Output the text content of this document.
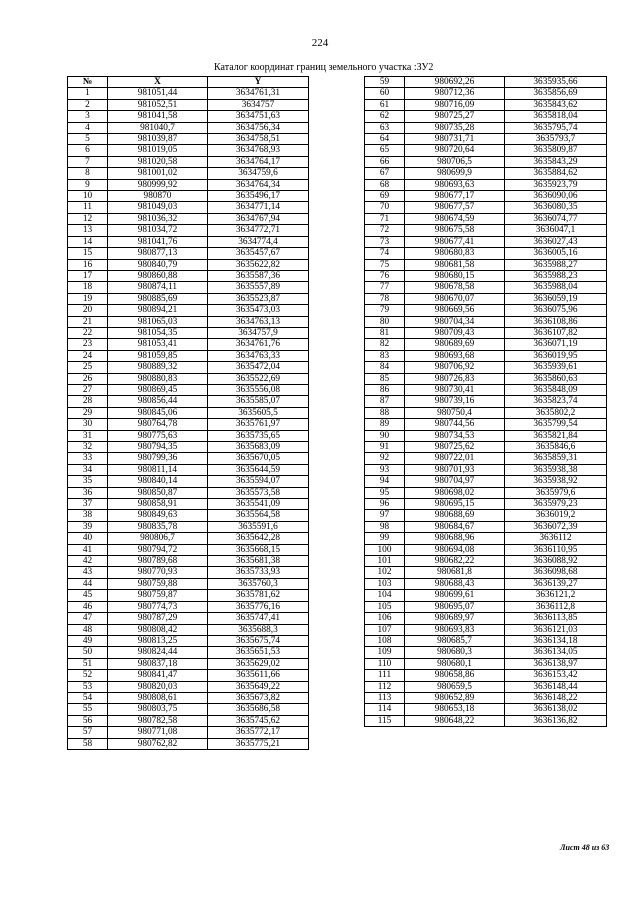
224
Каталог координат границ земельного участка :ЗУ2
№	X	Y
1	981051,44	3634761,31
2	981052,51	3634757
3	981041,58	3634751,63
4	981040,7	3634756,34
5	981039,87	3634758,51
6	981019,05	3634768,93
7	981020,58	3634764,17
8	981001,02	3634759,6
9	980999,92	3634764,34
10	980870	3635496,17
11	981049,03	3634771,14
12	981036,32	3634767,94
13	981034,72	3634772,71
14	981041,76	3634774,4
15	980877,13	3635457,67
16	980840,79	3635622,82
17	980860,88	3635587,36
18	980874,11	3635557,89
19	980885,69	3635523,87
20	980894,21	3635473,03
21	981065,03	3634763,13
22	981054,35	3634757,9
23	981053,41	3634761,76
24	981059,85	3634763,33
25	980889,32	3635472,04
26	980880,83	3635522,69
27	980869,45	3635556,08
28	980856,44	3635585,07
29	980845,06	3635605,5
30	980764,78	3635761,97
31	980775,63	3635735,65
32	980794,35	3635683,09
33	980799,36	3635670,05
34	980811,14	3635644,59
35	980840,14	3635594,07
36	980850,87	3635573,58
37	980858,91	3635541,09
38	980849,63	3635564,58
39	980835,78	3635591,6
40	980806,7	3635642,28
41	980794,72	3635668,15
42	980789,68	3635681,38
43	980770,93	3635733,93
44	980759,88	3635760,3
45	980759,87	3635781,62
46	980774,73	3635776,16
47	980787,29	3635747,41
48	980808,42	3635688,3
49	980813,25	3635675,74
50	980824,44	3635651,53
51	980837,18	3635629,02
52	980841,47	3635611,66
53	980820,03	3635649,22
54	980808,61	3635673,82
55	980803,75	3635686,58
56	980782,58	3635745,62
57	980771,08	3635772,17
58	980762,82	3635775,21
59	980692,26	3635935,66
60	980712,36	3635856,69
61	980716,09	3635843,62
62	980725,27	3635818,04
63	980735,28	3635795,74
64	980731,71	3635793,7
65	980720,64	3635809,87
66	980706,5	3635843,29
67	980699,9	3635884,62
68	980693,63	3635923,79
69	980677,17	3636090,06
70	980677,57	3636080,35
71	980674,59	3636074,77
72	980675,58	3636047,1
73	980677,41	3636027,43
74	980680,83	3636005,16
75	980681,58	3635988,27
76	980680,15	3635988,23
77	980678,58	3635988,04
78	980670,07	3636059,19
79	980669,56	3636075,96
80	980704,34	3636108,86
81	980709,43	3636107,82
82	980689,69	3636071,19
83	980693,68	3636019,95
84	980706,92	3635939,61
85	980726,83	3635860,63
86	980730,41	3635848,09
87	980739,16	3635823,74
88	980750,4	3635802,2
89	980744,56	3635799,54
90	980734,53	3635821,84
91	980725,62	3635846,6
92	980722,01	3635859,31
93	980701,93	3635938,38
94	980704,97	3635938,92
95	980698,02	3635979,6
96	980695,15	3635979,23
97	980688,69	3636019,2
98	980684,67	3636072,39
99	980688,96	3636112
100	980694,08	3636110,95
101	980682,22	3636088,92
102	980681,8	3636098,68
103	980688,43	3636139,27
104	980699,61	3636121,2
105	980695,07	3636112,8
106	980689,97	3636113,85
107	980693,83	3636121,03
108	980685,7	3636134,18
109	980680,3	3636134,05
110	980680,1	3636138,97
111	980658,86	3636153,42
112	980659,5	3636148,44
113	980652,89	3636148,22
114	980653,18	3636138,02
115	980648,22	3636136,82
Лист 48 из 63
